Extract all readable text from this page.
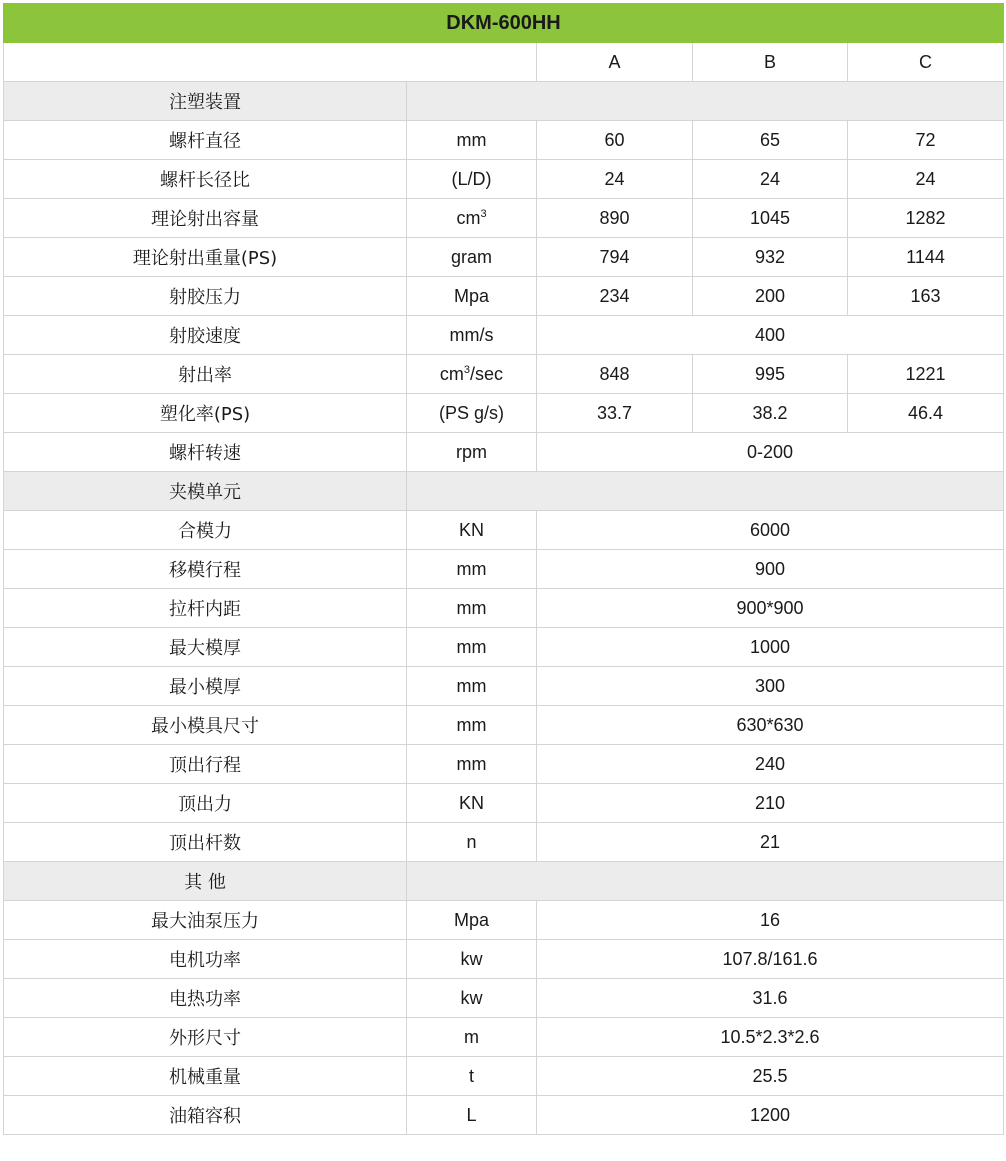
DKM-600HH				
		A	B	C
注塑装置				
螺杆直径	mm	60	65	72
螺杆长径比	(L/D)	24	24	24
理论射出容量	$cm^3$	890	1045	1282
理论射出重量(PS)	gram	794	932	1144
射胶压力	Mpa	234	200	163
射胶速度	mm/s	400		
射出率	$cm^3/\sec$	848	995	1221
塑化率(PS)	(PS g/s)	33.7	38.2	46.4
螺杆转速	rpm	0-200		
夹模单元				
合模力	KN	6000		
移模行程	mm	900		
拉杆内距	mm	900*900		
最大模厚	mm	1000		
最小模厚	mm	300		
最小模具尺寸	mm	630*630		
顶出行程	mm	240		
顶出力	KN	210		
顶出杆数	n	21		
其 他				
最大油泵压力	Mpa	16		
电机功率	kw	107.8/161.6		
电热功率	kw	31.6		
外形尺寸	m	10.5*2.3*2.6		
机械重量	t	25.5		
油箱容积	L	1200		
